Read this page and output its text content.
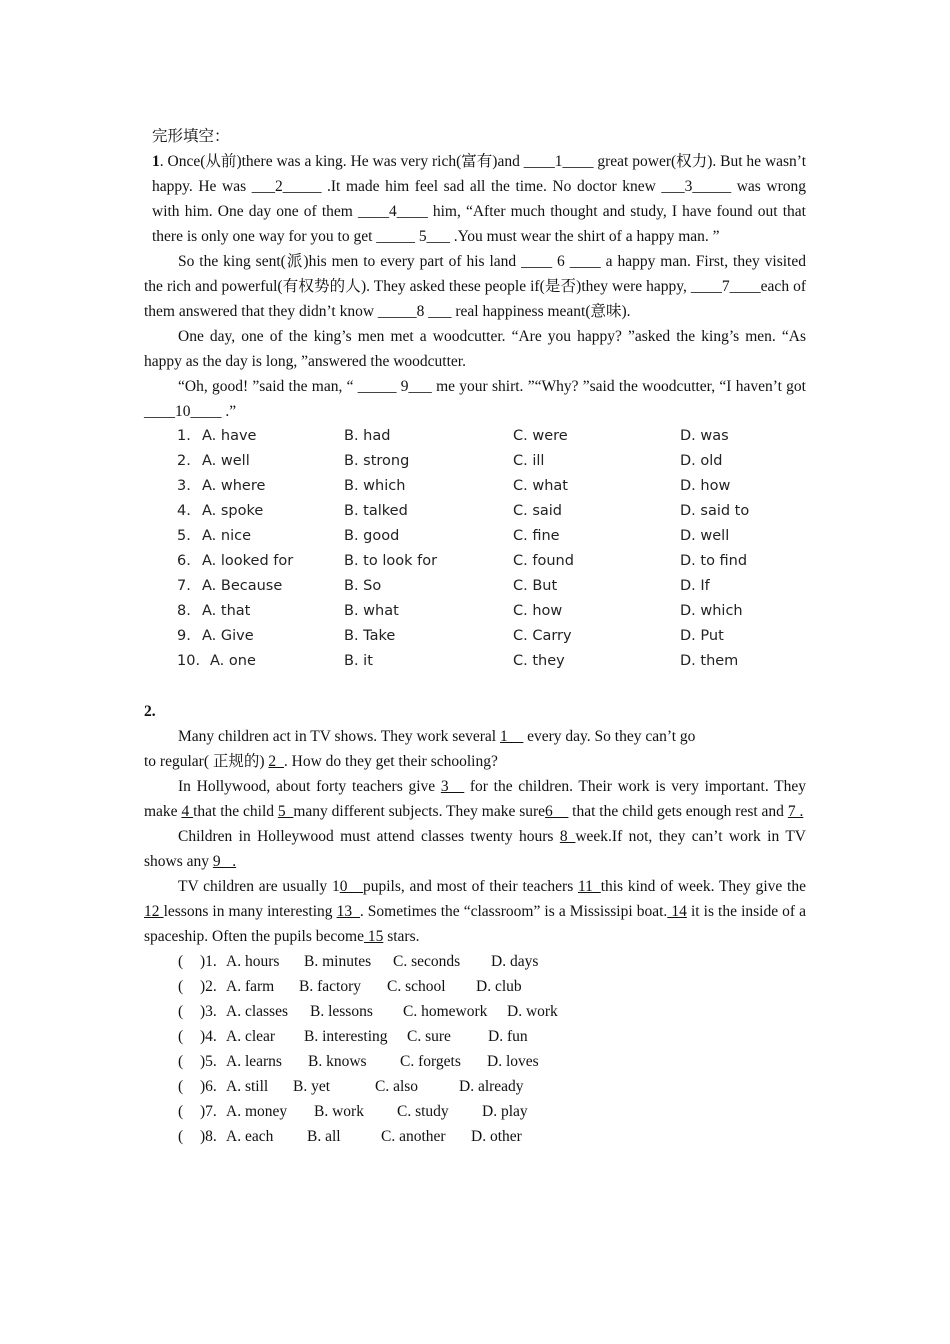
完形填空：

1. Once(从前)there was a king. He was very rich(富有)and ____1____ great power(权力). But he wasn’t happy. He was ___2_____ .It made him feel sad all the time. No doctor knew ___3_____ was wrong with him. One day one of them ____4____ him, “After much thought and study, I have found out that there is only one way for you to get _____ 5___ .You must wear the shirt of a happy man. ”

So the king sent(派)his men to every part of his land ____ 6 ____ a happy man. First, they visited the rich and powerful(有权势的人). They asked these people if(是否)they were happy, ____7____each of them answered that they didn’t know _____8 ___ real happiness meant(意味).

One day, one of the king’s men met a woodcutter. “Are you happy? ”asked the king’s men. “As happy as the day is long, ”answered the woodcutter.

“Oh, good! ”said the man, “ _____ 9___ me your shirt. ”“Why? ”said the woodcutter, “I haven’t got ____10____ .”

1. A. have	B. had	C. were	D. was
2. A. well	B. strong	C. ill	D. old
3. A. where	B. which	C. what	D. how
4. A. spoke	B. talked	C. said	D. said to
5. A. nice	B. good	C. fine	D. well
6. A. looked for	B. to look for	C. found	D. to find
7. A. Because	B. So	C. But	D. If
8. A. that	B. what	C. how	D. which
9. A. Give	B. Take	C. Carry	D. Put
10. A. one	B. it	C. they	D. them

2.

Many children act in TV shows. They work several 1__ every day. So they can’t go

to regular( 正规的) 2_. How do they get their schooling?

In Hollywood, about forty teachers give 3__ for the children. Their work is very important. They make 4 that the child 5_many different subjects. They make sure6__ that the child gets enough rest and 7 .

Children in Holleywood must attend classes twenty hours 8_week.If not, they can’t work in TV shows any 9_ .

TV children are usually 10__pupils, and most of their teachers 11_this kind of week. They give the 12 lessons in many interesting 13_. Sometimes the “classroom” is a Mississipi boat. 14 it is the inside of a spaceship. Often the pupils become 15 stars.

( )1. A. hours B. minutes C. seconds D. days
( )2. A. farm B. factory C. school D. club
( )3. A. classes B. lessons C. homework D. work
( )4. A. clear B. interesting C. sure D. fun
( )5. A. learns B. knows C. forgets D. loves
( )6. A. still B. yet	C. also	D. already
( )7. A. money B. work C. study D. play
( )8. A. each B. all	C. another D. other
